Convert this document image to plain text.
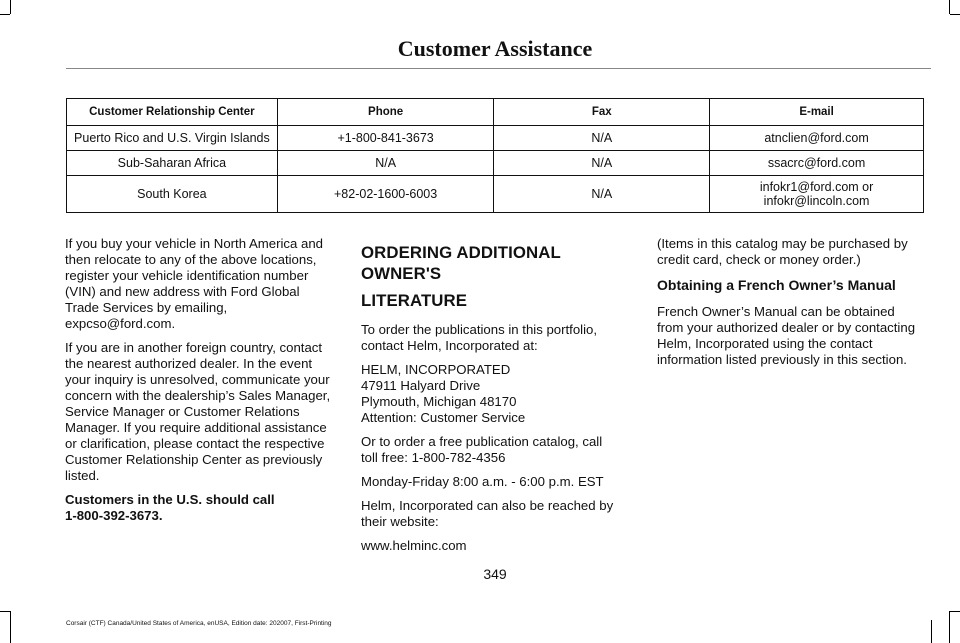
Customer Assistance
Customer Relationship Center	Phone	Fax	E-mail
Puerto Rico and U.S. Virgin Islands	+1-800-841-3673	N/A	atnclien@ford.com

Sub-Saharan Africa	N/A	N/A	ssacrc@ford.com

South Korea	+82-02-1600-6003	N/A	infokr1@ford.com or
infokr@lincoln.com

If you buy your vehicle in North America and
then relocate to any of the above locations,
register your vehicle identification number
(VIN) and new address with Ford Global
Trade Services by emailing,
expcso@ford.com.

If you are in another foreign country, contact
the nearest authorized dealer. In the event
your inquiry is unresolved, communicate your
concern with the dealership’s Sales Manager,
Service Manager or Customer Relations
Manager. If you require additional assistance
or clarification, please contact the respective
Customer Relationship Center as previously
listed.

Customers in the U.S. should call
1-800-392-3673.

ORDERING ADDITIONAL OWNER'S
LITERATURE

To order the publications in this portfolio,
contact Helm, Incorporated at:

HELM, INCORPORATED
47911 Halyard Drive
Plymouth, Michigan 48170
Attention: Customer Service

Or to order a free publication catalog, call
toll free: 1-800-782-4356

Monday-Friday 8:00 a.m. - 6:00 p.m. EST

Helm, Incorporated can also be reached by
their website:

www.helminc.com

(Items in this catalog may be purchased by
credit card, check or money order.)

Obtaining a French Owner’s Manual

French Owner’s Manual can be obtained
from your authorized dealer or by contacting
Helm, Incorporated using the contact
information listed previously in this section.

349
Corsair (CTF) Canada/United States of America, enUSA, Edition date: 202007, First-Printing
